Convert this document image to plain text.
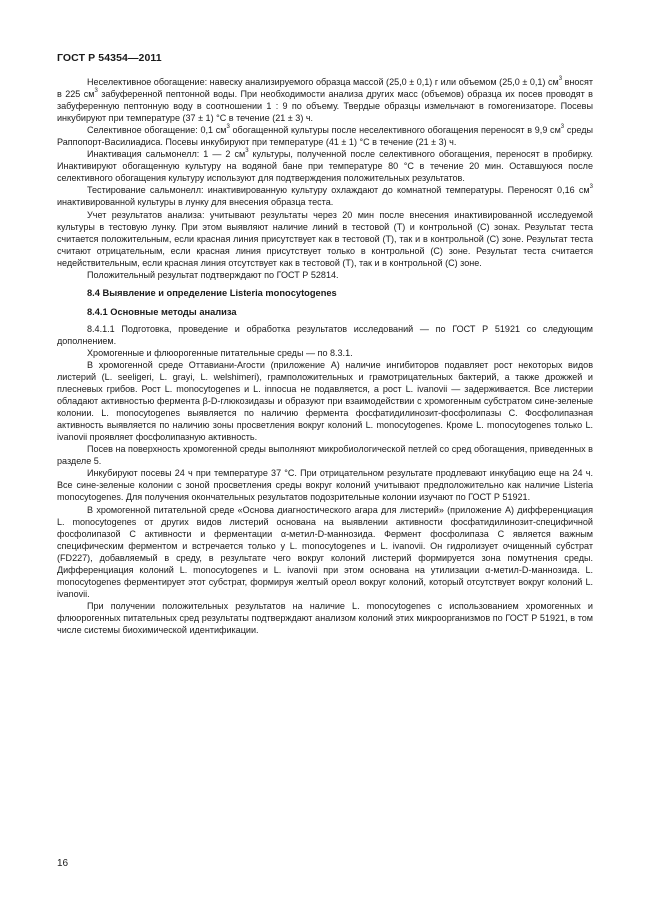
ГОСТ Р 54354—2011

Неселективное обогащение: навеску анализируемого образца массой (25,0 ± 0,1) г или объемом (25,0 ± 0,1) $см^3$ вносят в 225 $см^3$ забуференной пептонной воды. При необходимости анализа других масс (объемов) образца их посев проводят в забуференную пептонную воду в соотношении 1 : 9 по объему. Твердые образцы измельчают в гомогенизаторе. Посевы инкубируют при температуре (37 ± 1) °С в течение (21 ± 3) ч.

Селективное обогащение: 0,1 $см^3$ обогащенной культуры после неселективного обогащения переносят в 9,9 $см^3$ среды Раппопорт-Василиадиса. Посевы инкубируют при температуре (41 ± 1) °С в течение (21 ± 3) ч.

Инактивация сальмонелл: 1 — 2 $см^3$ культуры, полученной после селективного обогащения, переносят в пробирку. Инактивируют обогащенную культуру на водяной бане при температуре 80 °С в течение 20 мин. Оставшуюся после селективного обогащения культуру используют для подтверждения положительных результатов.

Тестирование сальмонелл: инактивированную культуру охлаждают до комнатной температуры. Переносят 0,16 $см^3$ инактивированной культуры в лунку для внесения образца теста.

Учет результатов анализа: учитывают результаты через 20 мин после внесения инактивированной исследуемой культуры в тестовую лунку. При этом выявляют наличие линий в тестовой (Т) и контрольной (С) зонах. Результат теста считается положительным, если красная линия присутствует как в тестовой (Т), так и в контрольной (С) зоне. Результат теста считают отрицательным, если красная линия присутствует только в контрольной (С) зоне. Результат теста считается недействительным, если красная линия отсутствует как в тестовой (Т), так и в контрольной (С) зоне.

Положительный результат подтверждают по ГОСТ Р 52814.

8.4 Выявление и определение Listeria monocytogenes
8.4.1 Основные методы анализа

8.4.1.1 Подготовка, проведение и обработка результатов исследований — по ГОСТ Р 51921 со следующим дополнением.

Хромогенные и флюорогенные питательные среды — по 8.3.1.

В хромогенной среде Оттавиани-Агости (приложение А) наличие ингибиторов подавляет рост некоторых видов листерий (L. seeligeri, L. grayi, L. welshimeri), грамположительных и грамотрицательных бактерий, а также дрожжей и плесневых грибов. Рост L. monocytogenes и L. innocua не подавляется, а рост L. ivanovii — задерживается. Все листерии обладают активностью фермента β-D-глюкозидазы и образуют при взаимодействии с хромогенным субстратом сине-зеленые колонии. L. monocytogenes выявляется по наличию фермента фосфатидилинозит-фосфолипазы С. Фосфолипазная активность выявляется по наличию зоны просветления вокруг колоний L. monocytogenes. Кроме L. monocytogenes только L. ivanovii проявляет фосфолипазную активность.

Посев на поверхность хромогенной среды выполняют микробиологической петлей со сред обогащения, приведенных в разделе 5.

Инкубируют посевы 24 ч при температуре 37 °С. При отрицательном результате продлевают инкубацию еще на 24 ч. Все сине-зеленые колонии с зоной просветления среды вокруг колоний учитывают предположительно как наличие Listeria monocytogenes. Для получения окончательных результатов подозрительные колонии изучают по ГОСТ Р 51921.

В хромогенной питательной среде «Основа диагностического агара для листерий» (приложение А) дифференциация L. monocytogenes от других видов листерий основана на выявлении активности фосфатидилинозит-специфичной фосфолипазой С активности и ферментации α-метил-D-маннозида. Фермент фосфолипаза С является важным специфическим ферментом и встречается только у L. monocytogenes и L. ivanovii. Он гидролизует очищенный субстрат (FD227), добавляемый в среду, в результате чего вокруг колоний листерий формируется зона помутнения среды. Дифференциация колоний L. monocytogenes и L. ivanovii при этом основана на утилизации α-метил-D-маннозида. L. monocytogenes ферментирует этот субстрат, формируя желтый ореол вокруг колоний, который отсутствует вокруг колоний L. ivanovii.

При получении положительных результатов на наличие L. monocytogenes с использованием хромогенных и флюорогенных питательных сред результаты подтверждают анализом колоний этих микроорганизмов по ГОСТ Р 51921, в том числе системы биохимической идентификации.

16
